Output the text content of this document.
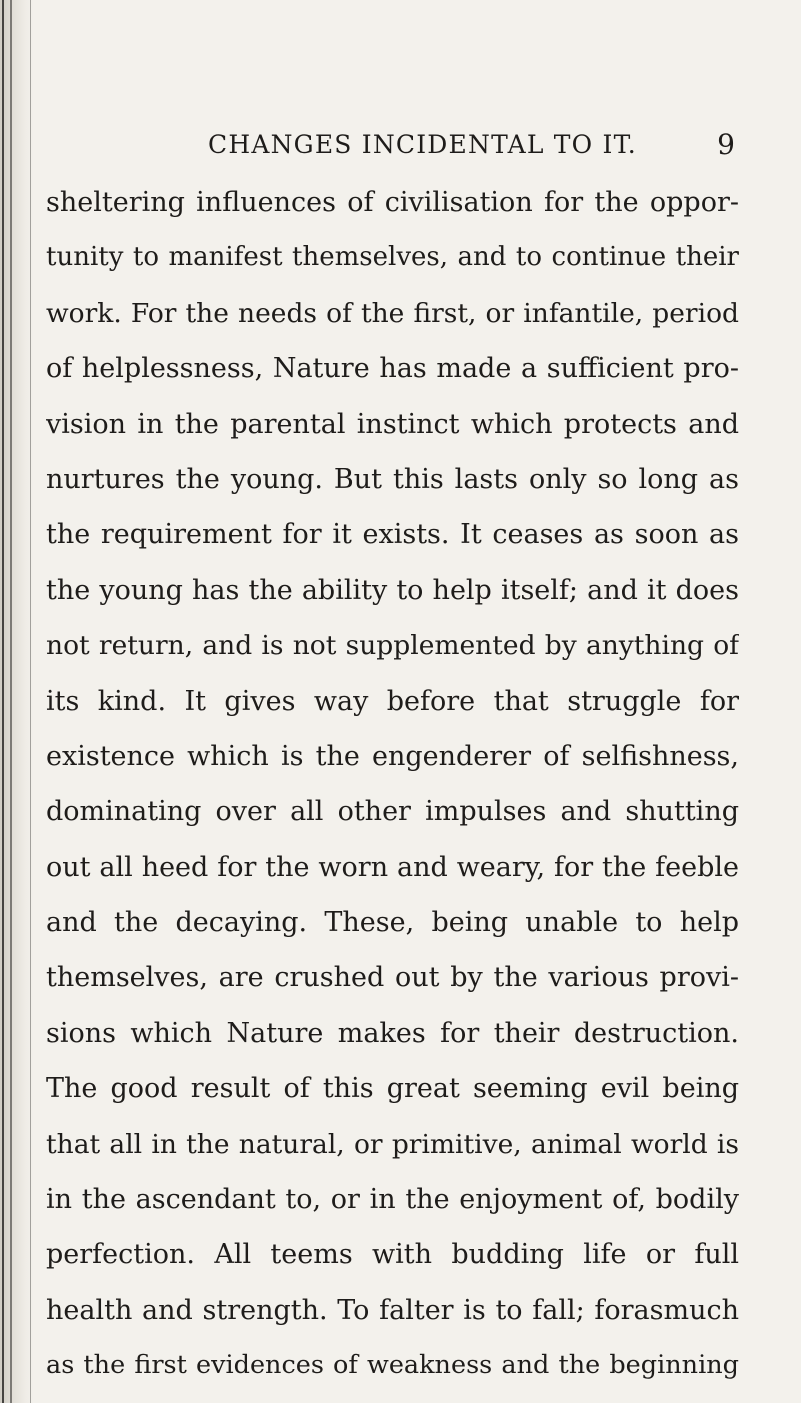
CHANGES INCIDENTAL TO IT.	9
sheltering influences of civilisation for the oppor-
tunity to manifest themselves, and to continue their
work. For the needs of the first, or infantile, period
of helplessness, Nature has made a sufficient pro-
vision in the parental instinct which protects and
nurtures the young. But this lasts only so long as
the requirement for it exists. It ceases as soon as
the young has the ability to help itself; and it does
not return, and is not supplemented by anything of
its kind. It gives way before that struggle for
existence which is the engenderer of selfishness,
dominating over all other impulses and shutting
out all heed for the worn and weary, for the feeble
and the decaying. These, being unable to help
themselves, are crushed out by the various provi-
sions which Nature makes for their destruction.
The good result of this great seeming evil being
that all in the natural, or primitive, animal world is
in the ascendant to, or in the enjoyment of, bodily
perfection. All teems with budding life or full
health and strength. To falter is to fall; forasmuch
as the first evidences of weakness and the beginning
